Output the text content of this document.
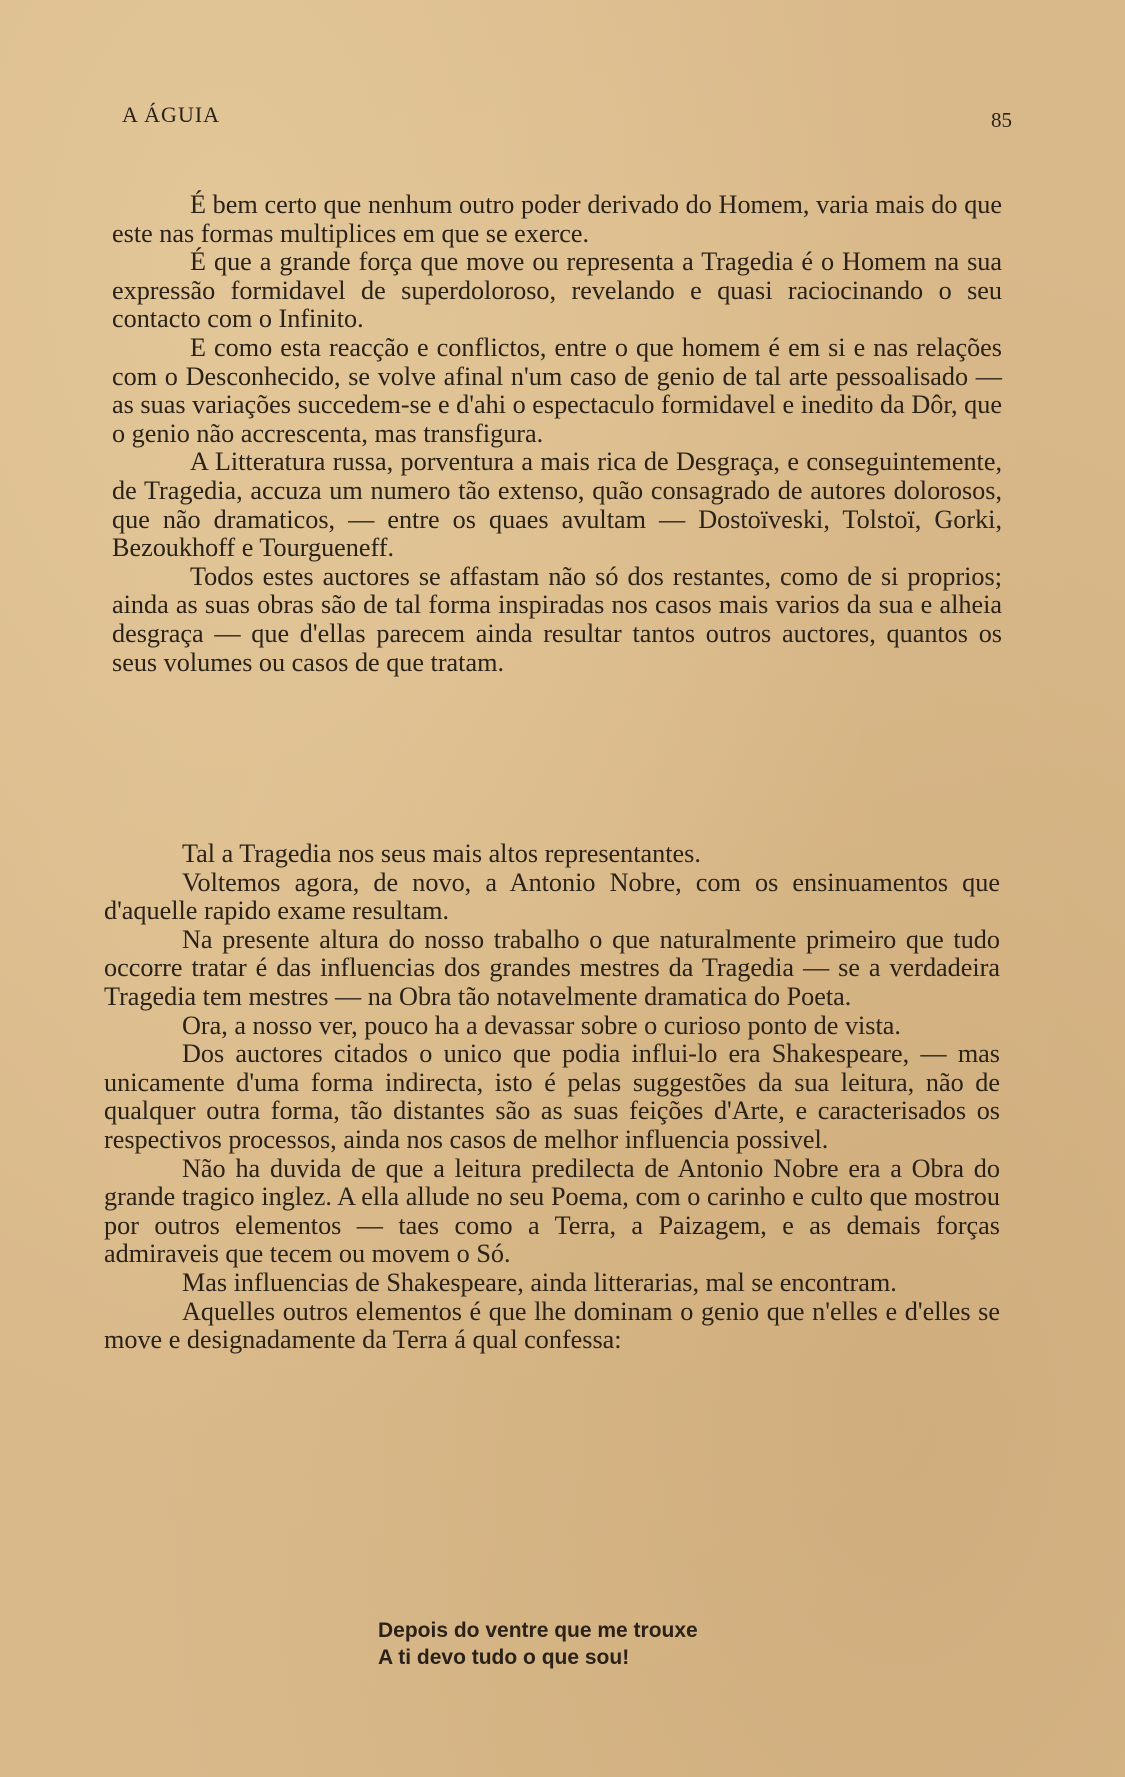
A ÁGUIA	85

É bem certo que nenhum outro poder derivado do Homem, varia mais do que este nas formas multiplices em que se exerce.

É que a grande força que move ou representa a Tragedia é o Homem na sua expressão formidavel de superdoloroso, revelando e quasi raciocinando o seu contacto com o Infinito.

E como esta reacção e conflictos, entre o que homem é em si e nas relações com o Desconhecido, se volve afinal n'um caso de genio de tal arte pessoalisado — as suas variações succedem-se e d'ahi o espectaculo formidavel e inedito da Dôr, que o genio não accrescenta, mas transfigura.

A Litteratura russa, porventura a mais rica de Desgraça, e conseguintemente, de Tragedia, accuza um numero tão extenso, quão consagrado de autores dolorosos, que não dramaticos, — entre os quaes avultam — Dostoïveski, Tolstoï, Gorki, Bezoukhoff e Tourgueneff.

Todos estes auctores se affastam não só dos restantes, como de si proprios; ainda as suas obras são de tal forma inspiradas nos casos mais varios da sua e alheia desgraça — que d'ellas parecem ainda resultar tantos outros auctores, quantos os seus volumes ou casos de que tratam.

Tal a Tragedia nos seus mais altos representantes.

Voltemos agora, de novo, a Antonio Nobre, com os ensinuamentos que d'aquelle rapido exame resultam.

Na presente altura do nosso trabalho o que naturalmente primeiro que tudo occorre tratar é das influencias dos grandes mestres da Tragedia — se a verdadeira Tragedia tem mestres — na Obra tão notavelmente dramatica do Poeta.

Ora, a nosso ver, pouco ha a devassar sobre o curioso ponto de vista.

Dos auctores citados o unico que podia influi-lo era Shakespeare, — mas unicamente d'uma forma indirecta, isto é pelas suggestões da sua leitura, não de qualquer outra forma, tão distantes são as suas feições d'Arte, e caracterisados os respectivos processos, ainda nos casos de melhor influencia possivel.

Não ha duvida de que a leitura predilecta de Antonio Nobre era a Obra do grande tragico inglez. A ella allude no seu Poema, com o carinho e culto que mostrou por outros elementos — taes como a Terra, a Paizagem, e as demais forças admiraveis que tecem ou movem o Só.

Mas influencias de Shakespeare, ainda litterarias, mal se encontram.

Aquelles outros elementos é que lhe dominam o genio que n'elles e d'elles se move e designadamente da Terra á qual confessa:

Depois do ventre que me trouxe
A ti devo tudo o que sou!
